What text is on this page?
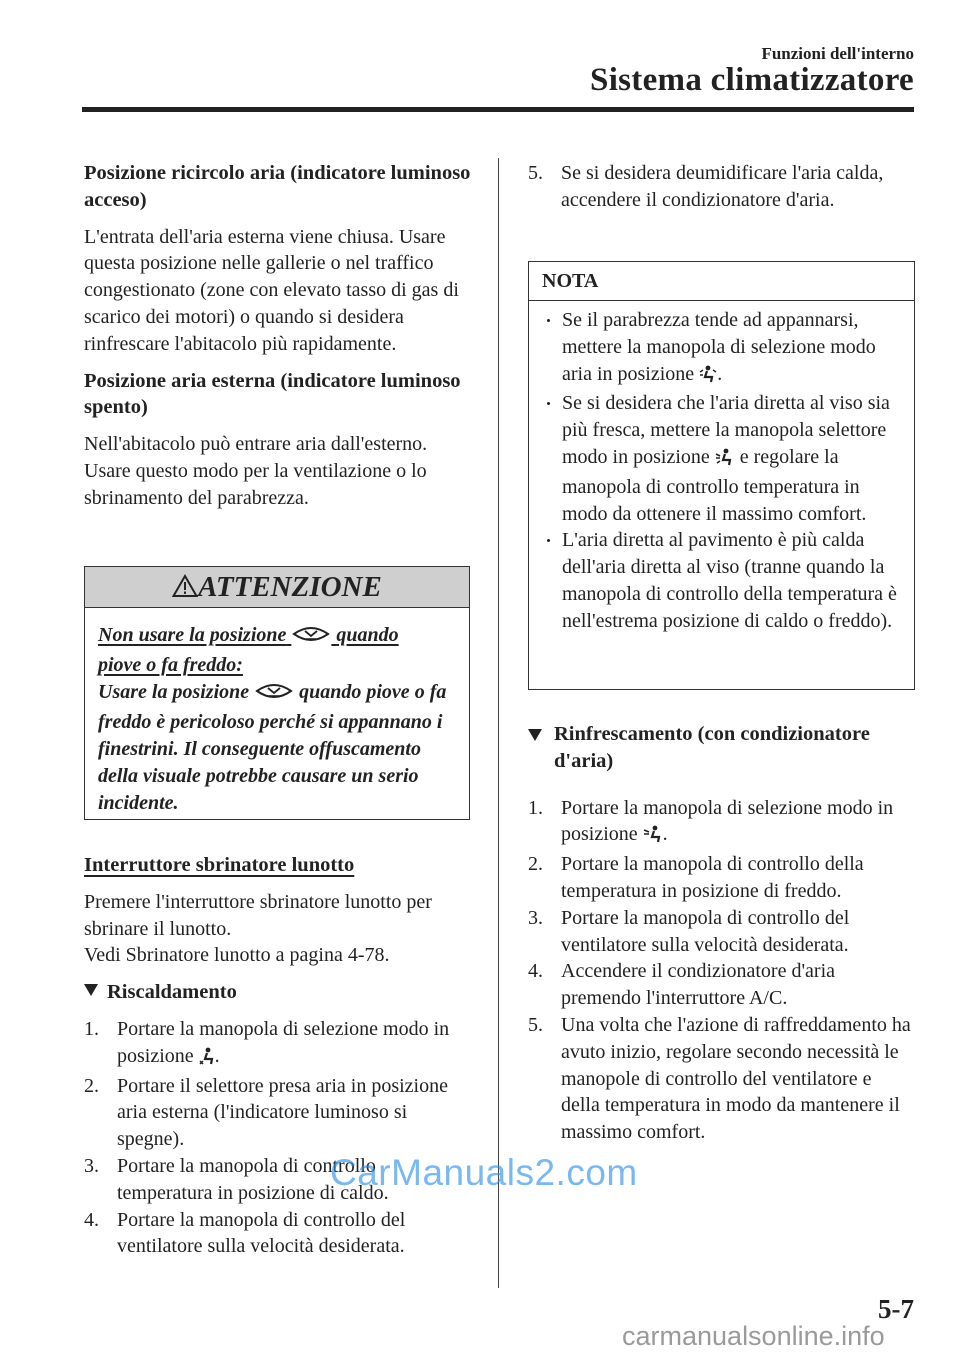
Funzioni dell'interno
Sistema climatizzatore

Posizione ricircolo aria (indicatore luminoso acceso)

L'entrata dell'aria esterna viene chiusa. Usare questa posizione nelle gallerie o nel traffico congestionato (zone con elevato tasso di gas di scarico dei motori) o quando si desidera rinfrescare l'abitacolo più rapidamente.

Posizione aria esterna (indicatore luminoso spento)

Nell'abitacolo può entrare aria dall'esterno. Usare questo modo per la ventilazione o lo sbrinamento del parabrezza.

ATTENZIONE
Non usare la posizione	quando
piove o fa freddo:
Usare la posizione	quando piove o fa freddo è pericoloso perché si appannano i finestrini. Il conseguente offuscamento della visuale potrebbe causare un serio incidente.

Interruttore sbrinatore lunotto

Premere l'interruttore sbrinatore lunotto per sbrinare il lunotto.

Vedi Sbrinatore lunotto a pagina 4-78.

Riscaldamento

1. Portare la manopola di selezione modo in posizione .
2. Portare il selettore presa aria in posizione aria esterna (l'indicatore luminoso si spegne).
3. Portare la manopola di controllo temperatura in posizione di caldo.
4. Portare la manopola di controllo del ventilatore sulla velocità desiderata.
5. Se si desidera deumidificare l'aria calda, accendere il condizionatore d'aria.
NOTA
Se il parabrezza tende ad appannarsi, mettere la manopola di selezione modo aria in posizione .
Se si desidera che l'aria diretta al viso sia più fresca, mettere la manopola selettore modo in posizione e regolare la manopola di controllo temperatura in modo da ottenere il massimo comfort.
L'aria diretta al pavimento è più calda dell'aria diretta al viso (tranne quando la manopola di controllo della temperatura è nell'estrema posizione di caldo o freddo).

Rinfrescamento (con condizionatore d'aria)

1. Portare la manopola di selezione modo in posizione .
2. Portare la manopola di controllo della temperatura in posizione di freddo.
3. Portare la manopola di controllo del ventilatore sulla velocità desiderata.
4. Accendere il condizionatore d'aria premendo l'interruttore A/C.
5. Una volta che l'azione di raffreddamento ha avuto inizio, regolare secondo necessità le manopole di controllo del ventilatore e della temperatura in modo da mantenere il massimo comfort.
5-7
CarManuals2.com
carmanualsonline.info
